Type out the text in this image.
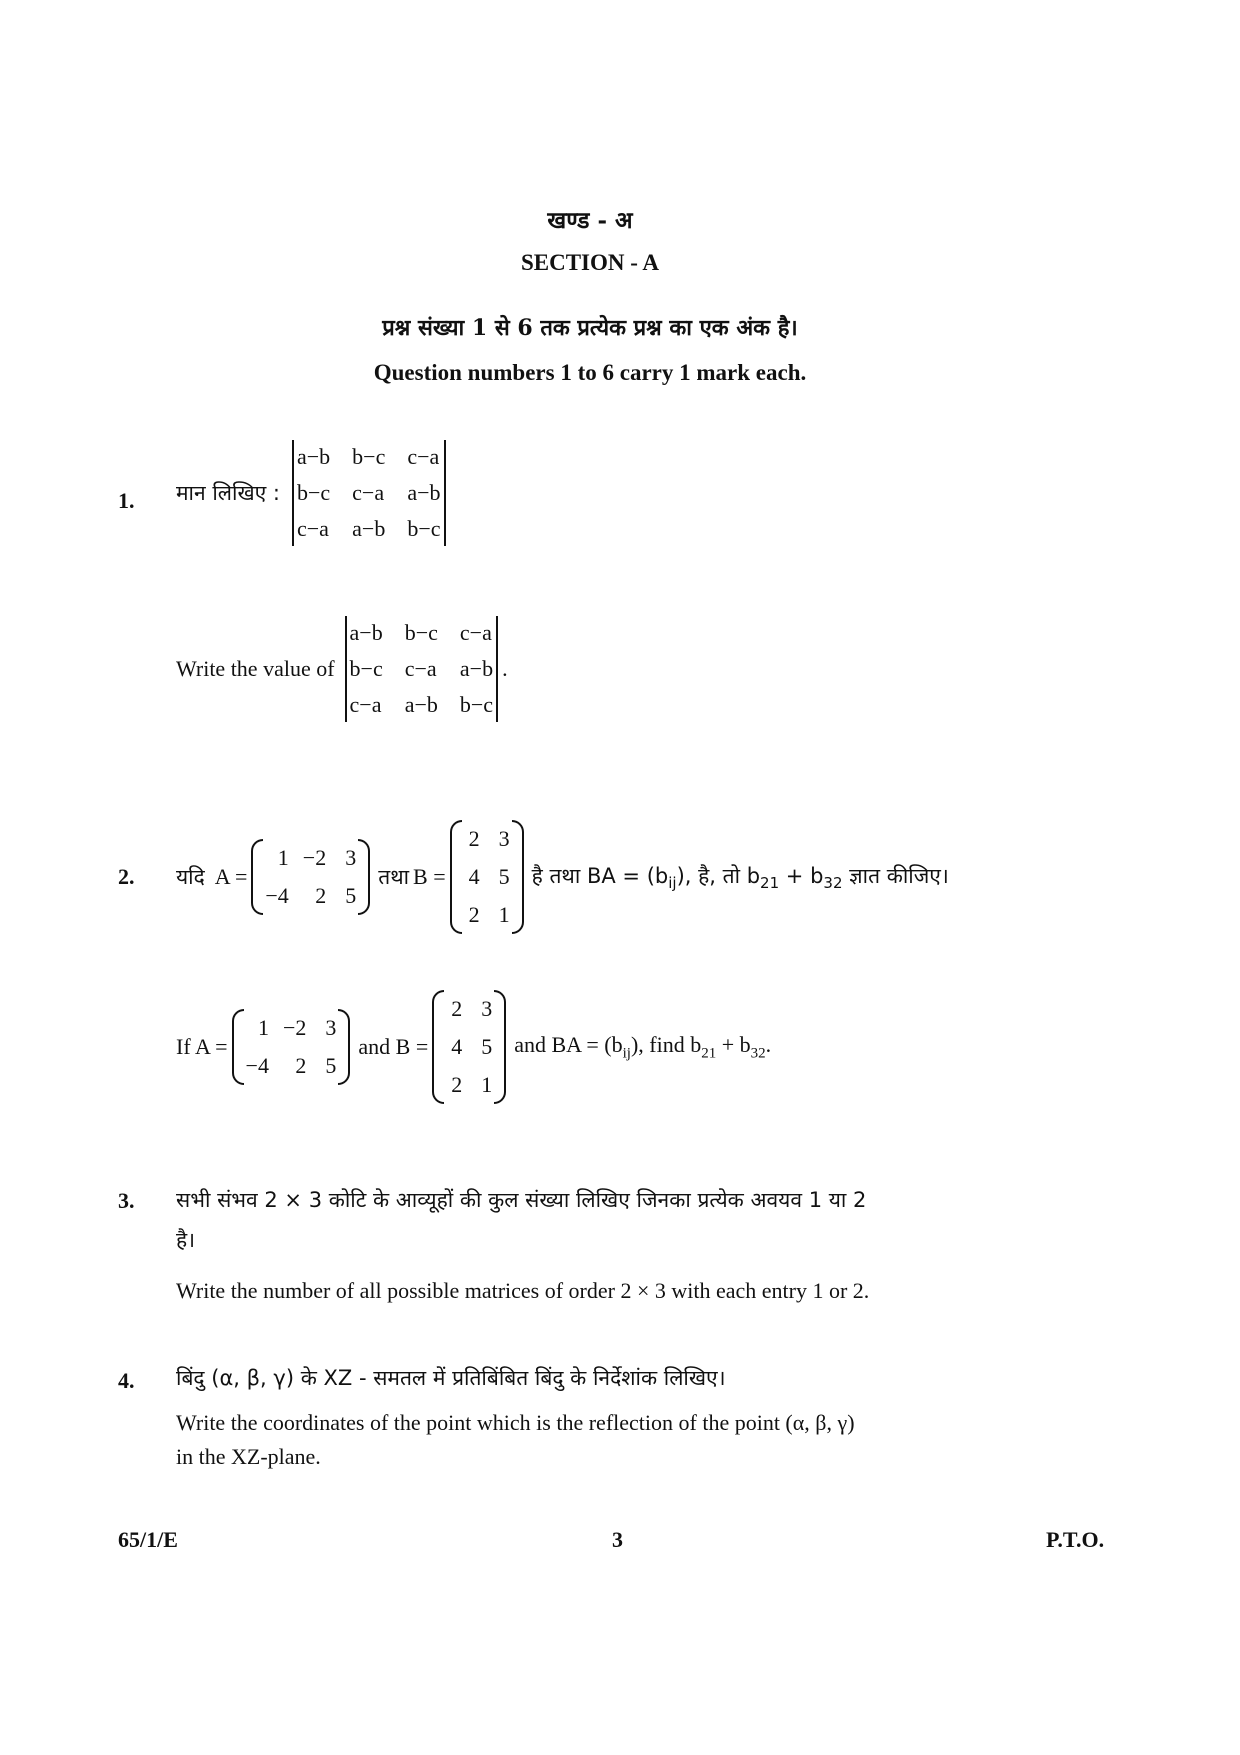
खण्ड - अ
SECTION - A
प्रश्न संख्या 1 से 6 तक प्रत्येक प्रश्न का एक अंक है।
Question numbers 1 to 6 carry 1 mark each.
1. मान लिखिए :
a−b b−c c−a
b−c c−a a−b
c−a a−b b−c
Write the value of
a−b b−c c−a
b−c c−a a−b
c−a a−b b−c
.
2. यदि A =
1 −2 3
−4	2 5
तथा B =
2 3
4 5
2 1
है तथा BA = $(b_{ij})$, है, तो $b_{21} + b_{32}$ ज्ञात कीजिए।
If A =
1 −2 3
−4	2 5
and B =
2 3
4 5
2 1
and BA = $(b_{ij})$, find $b_{21} + b_{32}$.
3. सभी संभव 2 × 3 कोटि के आव्यूहों की कुल संख्या लिखिए जिनका प्रत्येक अवयव 1 या 2
है।
Write the number of all possible matrices of order 2 × 3 with each entry 1 or 2.
4. बिंदु (α, β, γ) के XZ - समतल में प्रतिबिंबित बिंदु के निर्देशांक लिखिए।
Write the coordinates of the point which is the reflection of the point (α, β, γ)
in the XZ-plane.
65/1/E	3	P.T.O.
